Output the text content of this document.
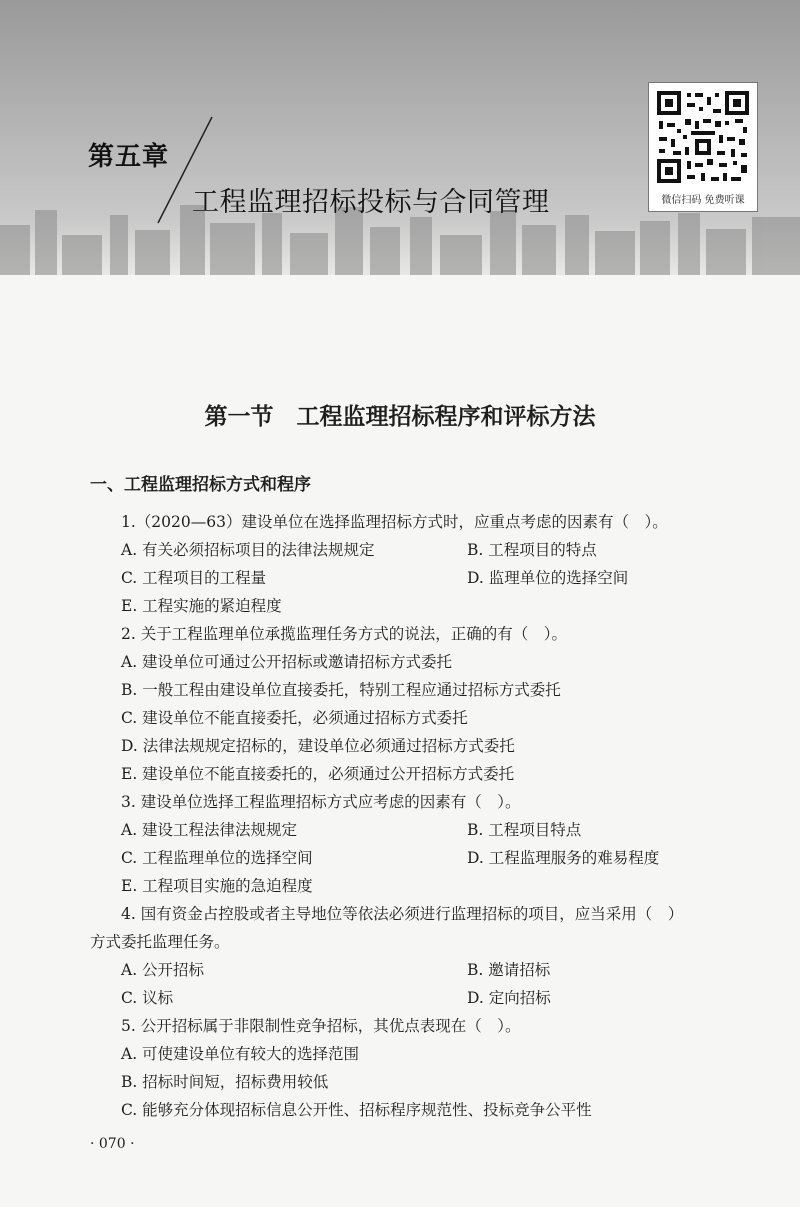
第五章
工程监理招标投标与合同管理	微信扫码 免费听课
第一节　工程监理招标程序和评标方法
一、工程监理招标方式和程序
1.（2020—63）建设单位在选择监理招标方式时，应重点考虑的因素有（　）。
A. 有关必须招标项目的法律法规规定	B. 工程项目的特点
C. 工程项目的工程量	D. 监理单位的选择空间
E. 工程实施的紧迫程度
2. 关于工程监理单位承揽监理任务方式的说法，正确的有（　）。
A. 建设单位可通过公开招标或邀请招标方式委托
B. 一般工程由建设单位直接委托，特别工程应通过招标方式委托
C. 建设单位不能直接委托，必须通过招标方式委托
D. 法律法规规定招标的，建设单位必须通过招标方式委托
E. 建设单位不能直接委托的，必须通过公开招标方式委托
3. 建设单位选择工程监理招标方式应考虑的因素有（　）。
A. 建设工程法律法规规定	B. 工程项目特点
C. 工程监理单位的选择空间	D. 工程监理服务的难易程度
E. 工程项目实施的急迫程度
4. 国有资金占控股或者主导地位等依法必须进行监理招标的项目，应当采用（　）
方式委托监理任务。
A. 公开招标	B. 邀请招标
C. 议标	D. 定向招标
5. 公开招标属于非限制性竞争招标，其优点表现在（　）。
A. 可使建设单位有较大的选择范围
B. 招标时间短，招标费用较低
C. 能够充分体现招标信息公开性、招标程序规范性、投标竞争公平性
· 070 ·
